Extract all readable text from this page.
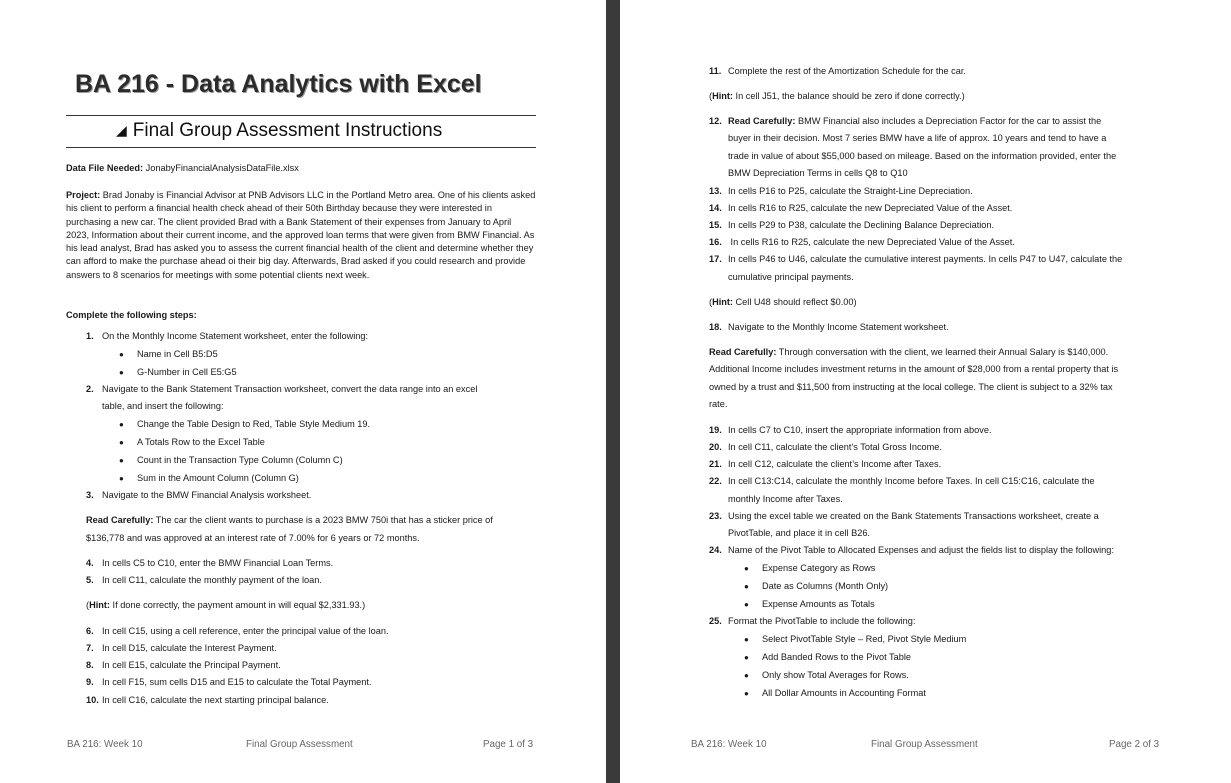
BA 216 - Data Analytics with Excel
◢ Final Group Assessment Instructions
Data File Needed: JonabyFinancialAnalysisDataFile.xlsx
Project: Brad Jonaby is Financial Advisor at PNB Advisors LLC in the Portland Metro area. One of his clients asked his client to perform a financial health check ahead of their 50th Birthday because they were interested in purchasing a new car. The client provided Brad with a Bank Statement of their expenses from January to April 2023, Information about their current income, and the approved loan terms that were given from BMW Financial. As his lead analyst, Brad has asked you to assess the current financial health of the client and determine whether they can afford to make the purchase ahead oi their big day. Afterwards, Brad asked if you could research and provide answers to 8 scenarios for meetings with some potential clients next week.
Complete the following steps:
1. On the Monthly Income Statement worksheet, enter the following:
● Name in Cell B5:D5
● G-Number in Cell E5:G5
2. Navigate to the Bank Statement Transaction worksheet, convert the data range into an excel
table, and insert the following:
● Change the Table Design to Red, Table Style Medium 19.
● A Totals Row to the Excel Table
● Count in the Transaction Type Column (Column C)
● Sum in the Amount Column (Column G)
3. Navigate to the BMW Financial Analysis worksheet.
Read Carefully: The car the client wants to purchase is a 2023 BMW 750i that has a sticker price of
$136,778 and was approved at an interest rate of 7.00% for 6 years or 72 months.
4. In cells C5 to C10, enter the BMW Financial Loan Terms.
5. In cell C11, calculate the monthly payment of the loan.
(Hint: If done correctly, the payment amount in will equal $2,331.93.)
6. In cell C15, using a cell reference, enter the principal value of the loan.
7. In cell D15, calculate the Interest Payment.
8. In cell E15, calculate the Principal Payment.
9. In cell F15, sum cells D15 and E15 to calculate the Total Payment.
10. In cell C16, calculate the next starting principal balance.
BA 216: Week 10	Final Group Assessment	Page 1 of 3
11. Complete the rest of the Amortization Schedule for the car.
(Hint: In cell J51, the balance should be zero if done correctly.)
12. Read Carefully: BMW Financial also includes a Depreciation Factor for the car to assist the
buyer in their decision. Most 7 series BMW have a life of approx. 10 years and tend to have a
trade in value of about $55,000 based on mileage. Based on the information provided, enter the
BMW Depreciation Terms in cells Q8 to Q10
13. In cells P16 to P25, calculate the Straight-Line Depreciation.
14. In cells R16 to R25, calculate the new Depreciated Value of the Asset.
15. In cells P29 to P38, calculate the Declining Balance Depreciation.
16. In cells R16 to R25, calculate the new Depreciated Value of the Asset.
17. In cells P46 to U46, calculate the cumulative interest payments. In cells P47 to U47, calculate the
cumulative principal payments.
(Hint: Cell U48 should reflect $0.00)
18. Navigate to the Monthly Income Statement worksheet.
Read Carefully: Through conversation with the client, we learned their Annual Salary is $140,000.
Additional Income includes investment returns in the amount of $28,000 from a rental property that is
owned by a trust and $11,500 from instructing at the local college. The client is subject to a 32% tax
rate.
19. In cells C7 to C10, insert the appropriate information from above.
20. In cell C11, calculate the client’s Total Gross Income.
21. In cell C12, calculate the client’s Income after Taxes.
22. In cell C13:C14, calculate the monthly Income before Taxes. In cell C15:C16, calculate the
monthly Income after Taxes.
23. Using the excel table we created on the Bank Statements Transactions worksheet, create a
PivotTable, and place it in cell B26.
24. Name of the Pivot Table to Allocated Expenses and adjust the fields list to display the following:
● Expense Category as Rows
● Date as Columns (Month Only)
● Expense Amounts as Totals
25. Format the PivotTable to include the following:
● Select PivotTable Style – Red, Pivot Style Medium
● Add Banded Rows to the Pivot Table
● Only show Total Averages for Rows.
● All Dollar Amounts in Accounting Format
BA 216: Week 10	Final Group Assessment	Page 2 of 3
